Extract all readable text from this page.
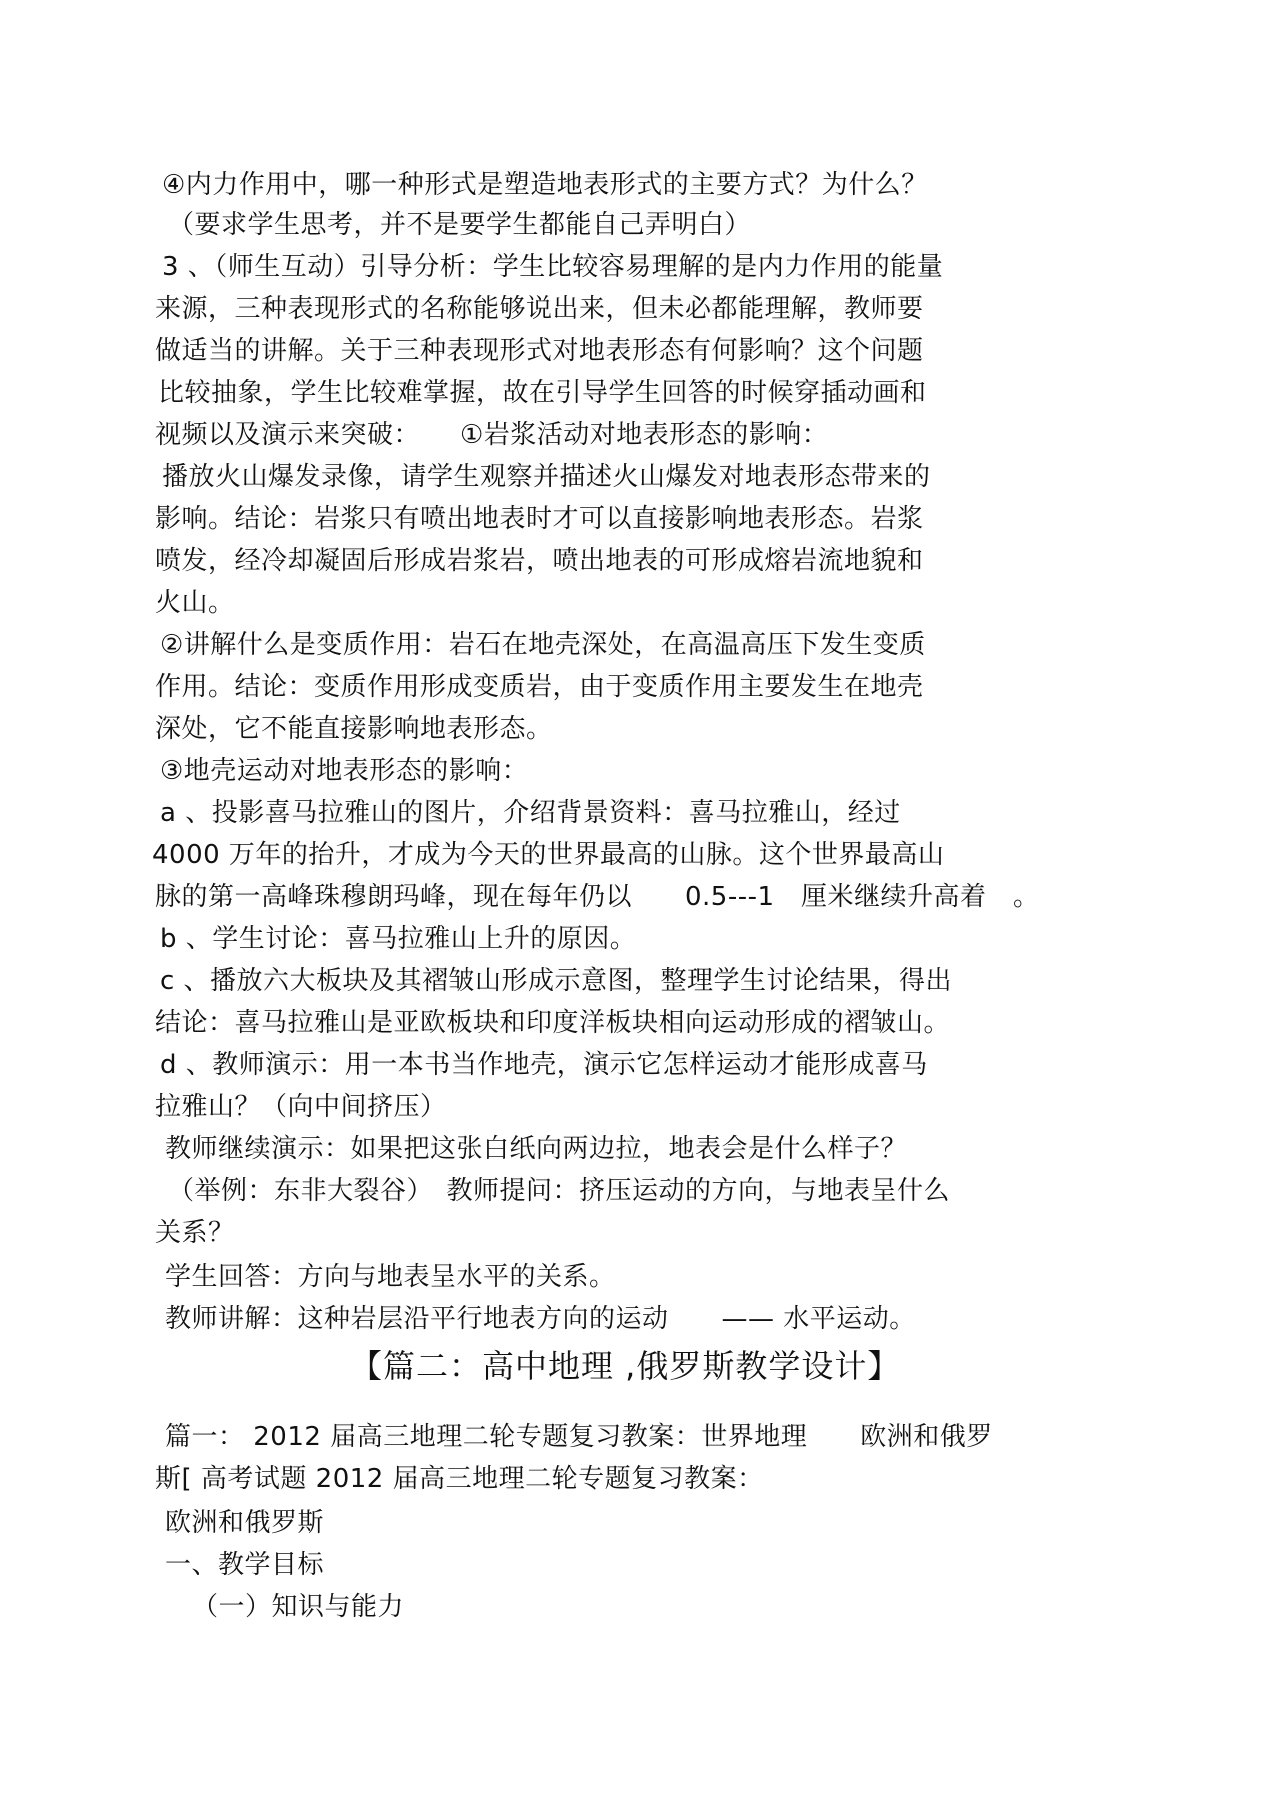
④内力作用中，哪一种形式是塑造地表形式的主要方式？为什么？
（要求学生思考，并不是要学生都能自己弄明白）
3 、（师生互动）引导分析：学生比较容易理解的是内力作用的能量
来源，三种表现形式的名称能够说出来，但未必都能理解，教师要
做适当的讲解。关于三种表现形式对地表形态有何影响？这个问题
比较抽象，学生比较难掌握，故在引导学生回答的时候穿插动画和
视频以及演示来突破：　　①岩浆活动对地表形态的影响：
播放火山爆发录像，请学生观察并描述火山爆发对地表形态带来的
影响。结论：岩浆只有喷出地表时才可以直接影响地表形态。岩浆
喷发，经冷却凝固后形成岩浆岩，喷出地表的可形成熔岩流地貌和
火山。
②讲解什么是变质作用：岩石在地壳深处，在高温高压下发生变质
作用。结论：变质作用形成变质岩，由于变质作用主要发生在地壳
深处，它不能直接影响地表形态。
③地壳运动对地表形态的影响：
a 、投影喜马拉雅山的图片，介绍背景资料：喜马拉雅山，经过
4000 万年的抬升，才成为今天的世界最高的山脉。这个世界最高山
脉的第一高峰珠穆朗玛峰，现在每年仍以　　0.5---1　厘米继续升高着　。
b 、学生讨论：喜马拉雅山上升的原因。
c 、播放六大板块及其褶皱山形成示意图，整理学生讨论结果，得出
结论：喜马拉雅山是亚欧板块和印度洋板块相向运动形成的褶皱山。
d 、教师演示：用一本书当作地壳，演示它怎样运动才能形成喜马
拉雅山？（向中间挤压）
教师继续演示：如果把这张白纸向两边拉，地表会是什么样子？
（举例：东非大裂谷）　教师提问：挤压运动的方向，与地表呈什么
关系？
学生回答：方向与地表呈水平的关系。
教师讲解：这种岩层沿平行地表方向的运动　　—— 水平运动。
【篇二：高中地理 ,俄罗斯教学设计】
篇一： 2012 届高三地理二轮专题复习教案：世界地理　　欧洲和俄罗
斯[ 高考试题 2012 届高三地理二轮专题复习教案：
欧洲和俄罗斯
一、教学目标
（一）知识与能力
